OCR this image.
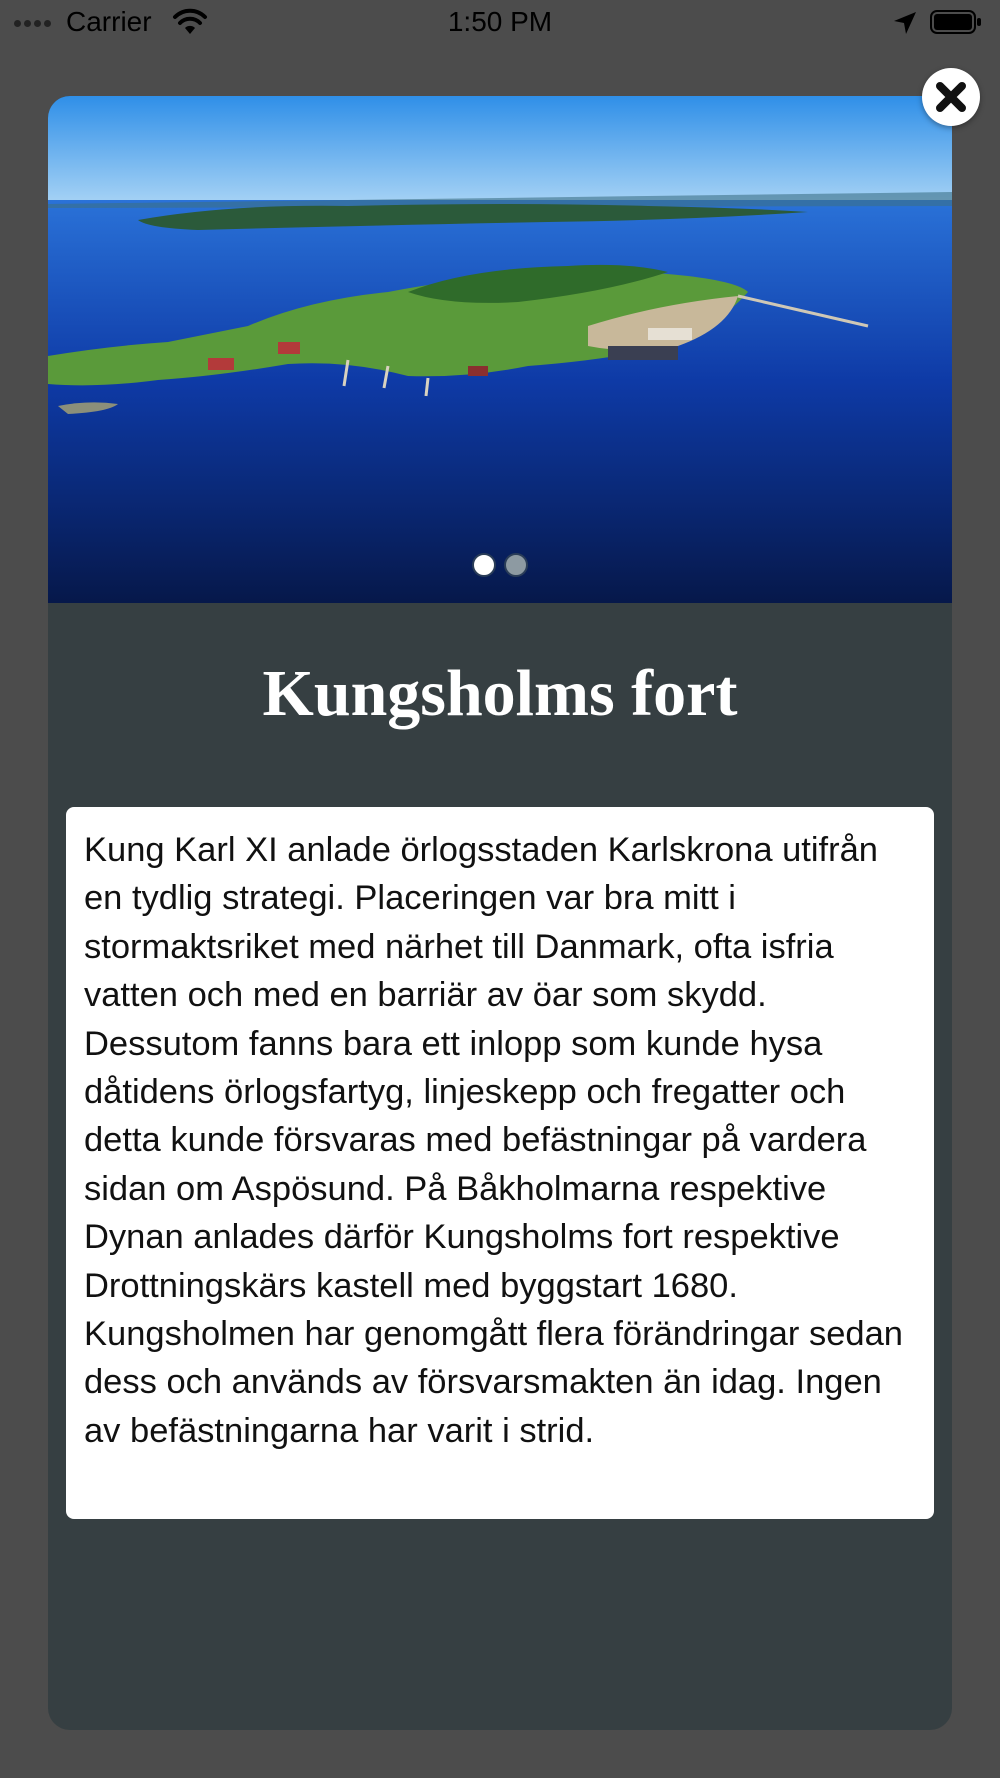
Carrier	1:50 PM
Kungsholms fort

Kung Karl XI anlade örlogsstaden Karlskrona utifrån en tydlig strategi. Placeringen var bra mitt i stormaktsriket med närhet till Danmark, ofta isfria vatten och med en barriär av öar som skydd. Dessutom fanns bara ett inlopp som kunde hysa dåtidens örlogsfartyg, linjeskepp och fregatter och detta kunde försvaras med befästningar på vardera sidan om Aspösund. På Båkholmarna respektive Dynan anlades därför Kungsholms fort respektive Drottningskärs kastell med byggstart 1680. Kungsholmen har genomgått flera förändringar sedan dess och används av försvarsmakten än idag. Ingen av befästningarna har varit i strid.
